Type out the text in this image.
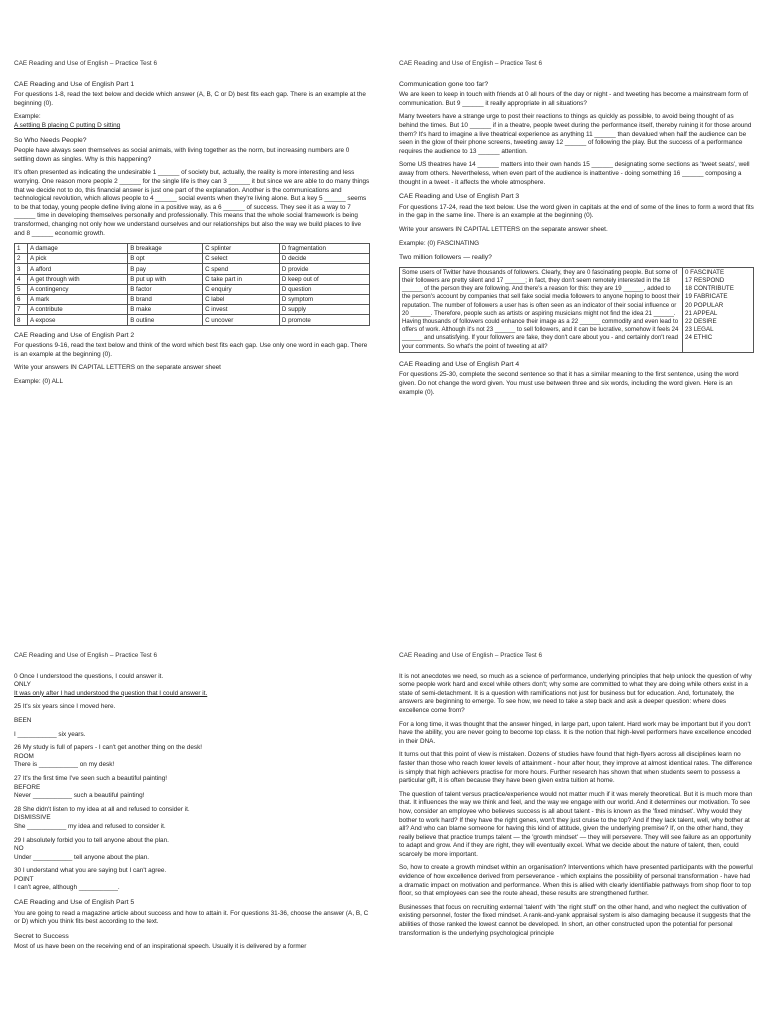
CAE Reading and Use of English – Practice Test 6
CAE Reading and Use of English Part 1
For questions 1-8, read the text below and decide which answer (A, B, C or D) best fits each gap. There is an example at the beginning (0).
Example:
A settling B placing C putting D sitting
So Who Needs People?
People have always seen themselves as social animals, with living together as the norm, but increasing numbers are 0 settling down as singles. Why is this happening?
It's often presented as indicating the undesirable 1 ______ of society but, actually, the reality is more interesting and less worrying. One reason more people 2 ______ for the single life is they can 3 ______ it but since we are able to do many things that we decide not to do, this financial answer is just one part of the explanation. Another is the communications and technological revolution, which allows people to 4 ______ social events when they're living alone. But a key 5 ______ seems to be that today, young people define living alone in a positive way, as a 6 ______ of success. They see it as a way to 7 ______ time in developing themselves personally and professionally. This means that the whole social framework is being transformed, changing not only how we understand ourselves and our relationships but also the way we build places to live and 8 ______ economic growth.
1	A damage	B breakage	C splinter	D fragmentation
2	A pick	B opt	C select	D decide
3	A afford	B pay	C spend	D provide
4	A get through with	B put up with	C take part in	D keep out of
5	A contingency	B factor	C enquiry	D question
6	A mark	B brand	C label	D symptom
7	A contribute	B make	C invest	D supply
8	A expose	B outline	C uncover	D promote
CAE Reading and Use of English Part 2
For questions 9-16, read the text below and think of the word which best fits each gap. Use only one word in each gap. There is an example at the beginning (0).
Write your answers IN CAPITAL LETTERS on the separate answer sheet
Example: (0) ALL
CAE Reading and Use of English – Practice Test 6
Communication gone too far?
We are keen to keep in touch with friends at 0 all hours of the day or night - and tweeting has become a mainstream form of communication. But 9 ______ it really appropriate in all situations?
Many tweeters have a strange urge to post their reactions to things as quickly as possible, to avoid being thought of as behind the times. But 10 ______ if in a theatre, people tweet during the performance itself, thereby ruining it for those around them? It's hard to imagine a live theatrical experience as anything 11 ______ than devalued when half the audience can be seen in the glow of their phone screens, tweeting away 12 ______ of following the play. But the success of a performance requires the audience to 13 ______ attention.
Some US theatres have 14 ______ matters into their own hands 15 ______ designating some sections as 'tweet seats', well away from others. Nevertheless, when even part of the audience is inattentive - doing something 16 ______ composing a thought in a tweet - it affects the whole atmosphere.
CAE Reading and Use of English Part 3
For questions 17-24, read the text below. Use the word given in capitals at the end of some of the lines to form a word that fits in the gap in the same line. There is an example at the beginning (0).
Write your answers IN CAPITAL LETTERS on the separate answer sheet.
Example: (0) FASCINATING
Two million followers — really?
Some users of Twitter have thousands of followers. Clearly, they are 0 fascinating people. But some of their followers are pretty silent and 17 ______; in fact, they don't seem remotely interested in the 18 ______ of the person they are following. And there's a reason for this: they are 19 ______, added to the person's account by companies that sell fake social media followers to anyone hoping to boost their reputation. The number of followers a user has is often seen as an indicator of their social influence or 20 ______. Therefore, people such as artists or aspiring musicians might not find the idea 21 ______. Having thousands of followers could enhance their image as a 22 ______ commodity and even lead to offers of work. Although it's not 23 ______ to sell followers, and it can be lucrative, somehow it feels 24 ______ and unsatisfying. If your followers are fake, they don't care about you - and certainly don't read your comments. So what's the point of tweeting at all?
0 FASCINATE
17 RESPOND
18 CONTRIBUTE
19 FABRICATE
20 POPULAR
21 APPEAL
22 DESIRE
23 LEGAL
24 ETHIC
CAE Reading and Use of English Part 4
For questions 25-30, complete the second sentence so that it has a similar meaning to the first sentence, using the word given. Do not change the word given. You must use between three and six words, including the word given. Here is an example (0).
CAE Reading and Use of English – Practice Test 6
0 Once I understood the questions, I could answer it.
ONLY
It was only after I had understood the question that I could answer it.
25 It's six years since I moved here.
BEEN
I ___________ six years.
26 My study is full of papers - I can't get another thing on the desk!
ROOM
There is ___________ on my desk!
27 It's the first time I've seen such a beautiful painting!
BEFORE
Never ___________ such a beautiful painting!
28 She didn't listen to my idea at all and refused to consider it.
DISMISSIVE
She ___________ my idea and refused to consider it.
29 I absolutely forbid you to tell anyone about the plan.
NO
Under ___________ tell anyone about the plan.
30 I understand what you are saying but I can't agree.
POINT
I can't agree, although ___________.
CAE Reading and Use of English Part 5
You are going to read a magazine article about success and how to attain it. For questions 31-36, choose the answer (A, B, C or D) which you think fits best according to the text.
Secret to Success
Most of us have been on the receiving end of an inspirational speech. Usually it is delivered by a former
CAE Reading and Use of English – Practice Test 6
It is not anecdotes we need, so much as a science of performance, underlying principles that help unlock the question of why some people work hard and excel while others don't; why some are committed to what they are doing while others exist in a state of semi-detachment. It is a question with ramifications not just for business but for education. And, fortunately, the answers are beginning to emerge. To see how, we need to take a step back and ask a deeper question: where does excellence come from?
For a long time, it was thought that the answer hinged, in large part, upon talent. Hard work may be important but if you don't have the ability, you are never going to become top class. It is the notion that high-level performers have excellence encoded in their DNA.
It turns out that this point of view is mistaken. Dozens of studies have found that high-flyers across all disciplines learn no faster than those who reach lower levels of attainment - hour after hour, they improve at almost identical rates. The difference is simply that high achievers practise for more hours. Further research has shown that when students seem to possess a particular gift, it is often because they have been given extra tuition at home.
The question of talent versus practice/experience would not matter much if it was merely theoretical. But it is much more than that. It influences the way we think and feel, and the way we engage with our world. And it determines our motivation. To see how, consider an employee who believes success is all about talent - this is known as the 'fixed mindset'. Why would they bother to work hard? If they have the right genes, won't they just cruise to the top? And if they lack talent, well, why bother at all? And who can blame someone for having this kind of attitude, given the underlying premise? If, on the other hand, they really believe that practice trumps talent — the 'growth mindset' — they will persevere. They will see failure as an opportunity to adapt and grow. And if they are right, they will eventually excel. What we decide about the nature of talent, then, could scarcely be more important.
So, how to create a growth mindset within an organisation? Interventions which have presented participants with the powerful evidence of how excellence derived from perseverance - which explains the possibility of personal transformation - have had a dramatic impact on motivation and performance. When this is allied with clearly identifiable pathways from shop floor to top floor, so that employees can see the route ahead, these results are strengthened further.
Businesses that focus on recruiting external 'talent' with 'the right stuff' on the other hand, and who neglect the cultivation of existing personnel, foster the fixed mindset. A rank-and-yank appraisal system is also damaging because it suggests that the abilities of those ranked the lowest cannot be developed. In short, an other constructed upon the potential for personal transformation is the underlying psychological principle
